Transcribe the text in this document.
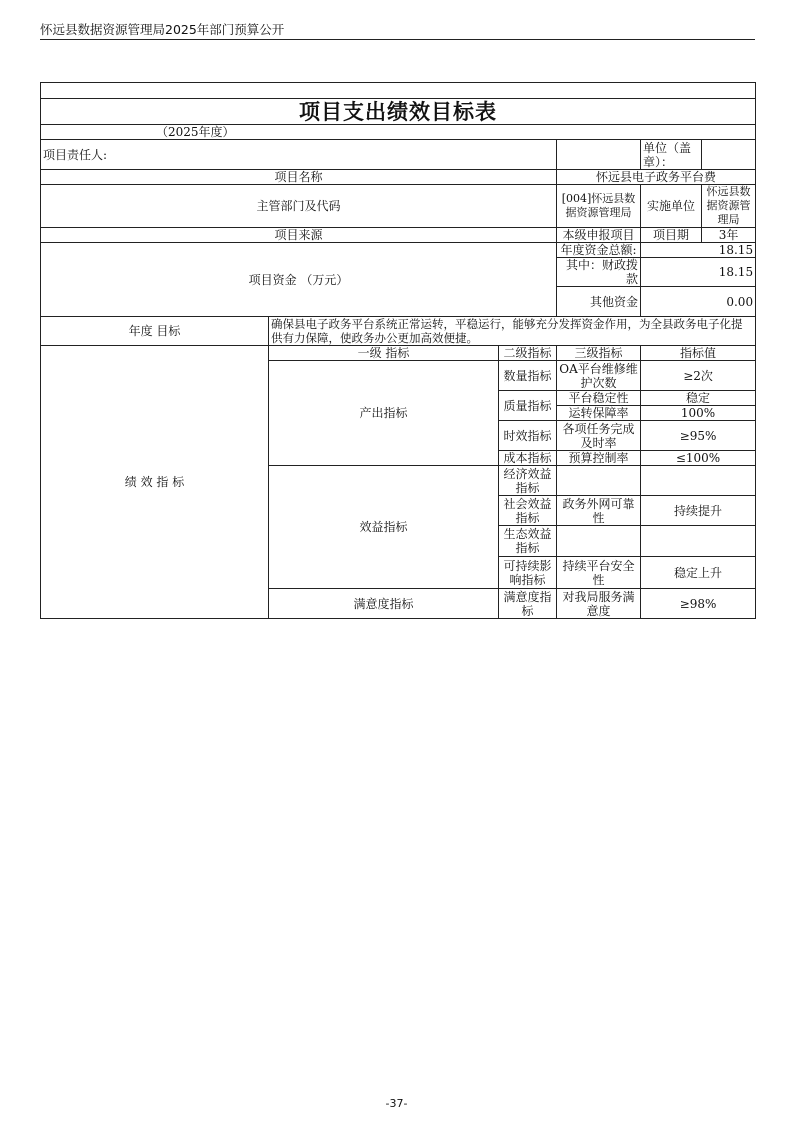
怀远县数据资源管理局2025年部门预算公开

项目支出绩效目标表					
（2025年度）					
项目责任人:				单位（盖章）：	
项目名称			怀远县电子政务平台费		
主管部门及代码			[004]怀远县数据资源管理局	实施单位	怀远县数据资源管理局
项目来源			本级申报项目	项目期	3年
项目资金 （万元）			年度资金总额:	18.15	
			其中：财政拨款	18.15	
			其他资金	0.00	
年度 目标	确保县电子政务平台系统正常运转，平稳运行，能够充分发挥资金作用，为全县政务电子化提供有力保障，使政务办公更加高效便捷。				
绩 效 指 标	一级 指标	二级指标	三级指标	指标值	
	产出指标	数量指标	OA平台维修维护次数	≥2次	
		质量指标	平台稳定性	稳定	
			运转保障率	100%	
		时效指标	各项任务完成及时率	≥95%	
		成本指标	预算控制率	≤100%	
	效益指标	经济效益指标			
		社会效益指标	政务外网可靠性	持续提升	
		生态效益指标			
		可持续影响指标	持续平台安全性	稳定上升	
	满意度指标	满意度指标	对我局服务满意度	≥98%	
-37-
